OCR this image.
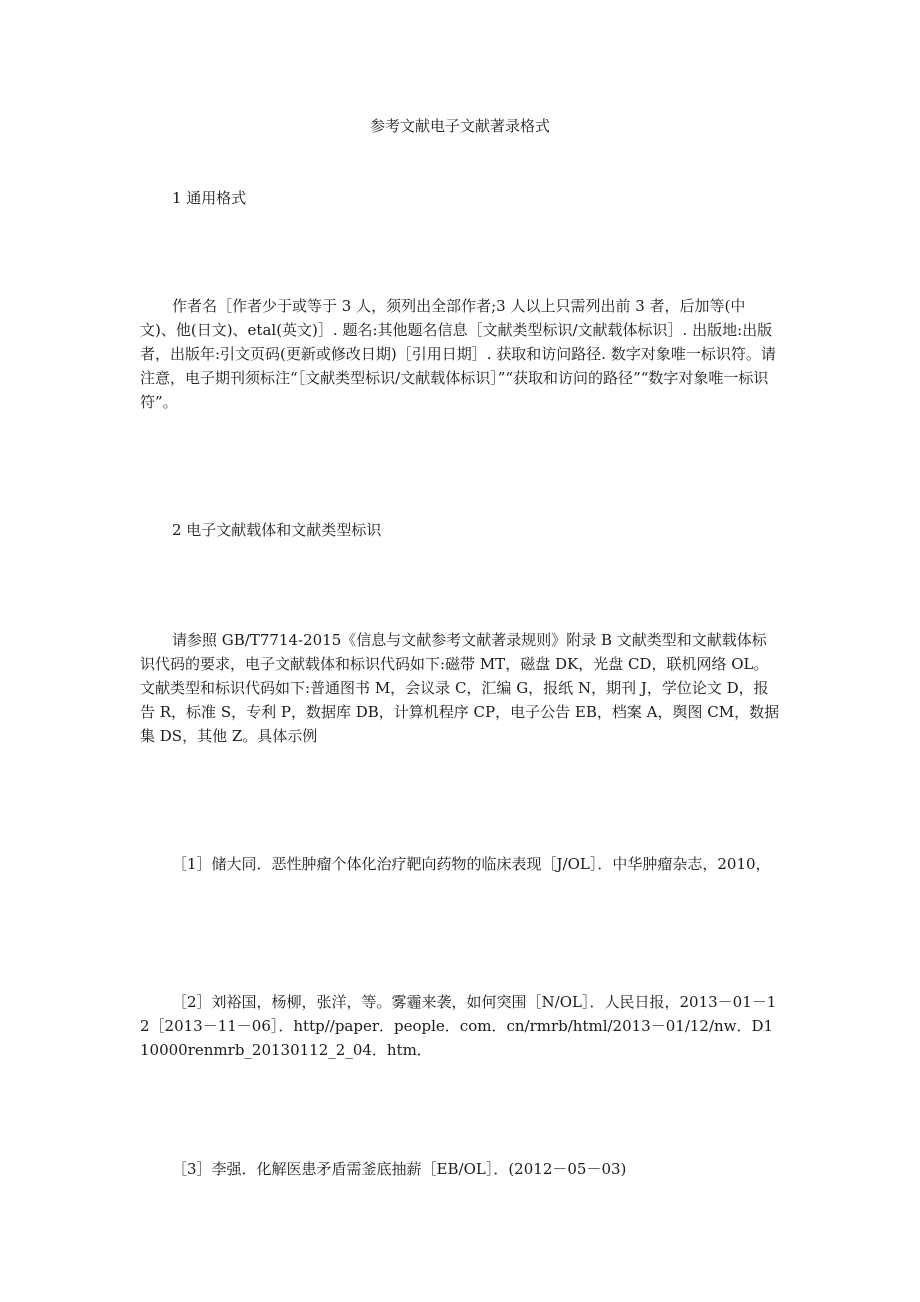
参考文献电子文献著录格式

1 通用格式

作者名［作者少于或等于 3 人，须列出全部作者;3 人以上只需列出前 3 者，后加等(中文)、他(日文)、etal(英文)］. 题名:其他题名信息［文献类型标识/文献载体标识］. 出版地:出版者，出版年:引文页码(更新或修改日期)［引用日期］. 获取和访问路径. 数字对象唯一标识符。请注意，电子期刊须标注“［文献类型标识/文献载体标识］”“获取和访问的路径”“数字对象唯一标识符”。

2 电子文献载体和文献类型标识

请参照 GB/T7714-2015《信息与文献参考文献著录规则》附录 B 文献类型和文献载体标识代码的要求，电子文献载体和标识代码如下:磁带 MT，磁盘 DK，光盘 CD，联机网络 OL。文献类型和标识代码如下:普通图书 M，会议录 C，汇编 G，报纸 N，期刊 J，学位论文 D，报告 R，标准 S，专利 P，数据库 DB，计算机程序 CP，电子公告 EB，档案 A，舆图 CM，数据集 DS，其他 Z。具体示例

［1］储大同．恶性肿瘤个体化治疗靶向药物的临床表现［J/OL］．中华肿瘤杂志，2010，

［2］刘裕国，杨柳，张洋，等。雾霾来袭，如何突围［N/OL］．人民日报，2013－01－12［2013－11－06］．http//paper．people．com．cn/rmrb/html/2013－01/12/nw．D110000renmrb_20130112_2_04．htm．

［3］李强．化解医患矛盾需釜底抽薪［EB/OL］．(2012－05－03)
